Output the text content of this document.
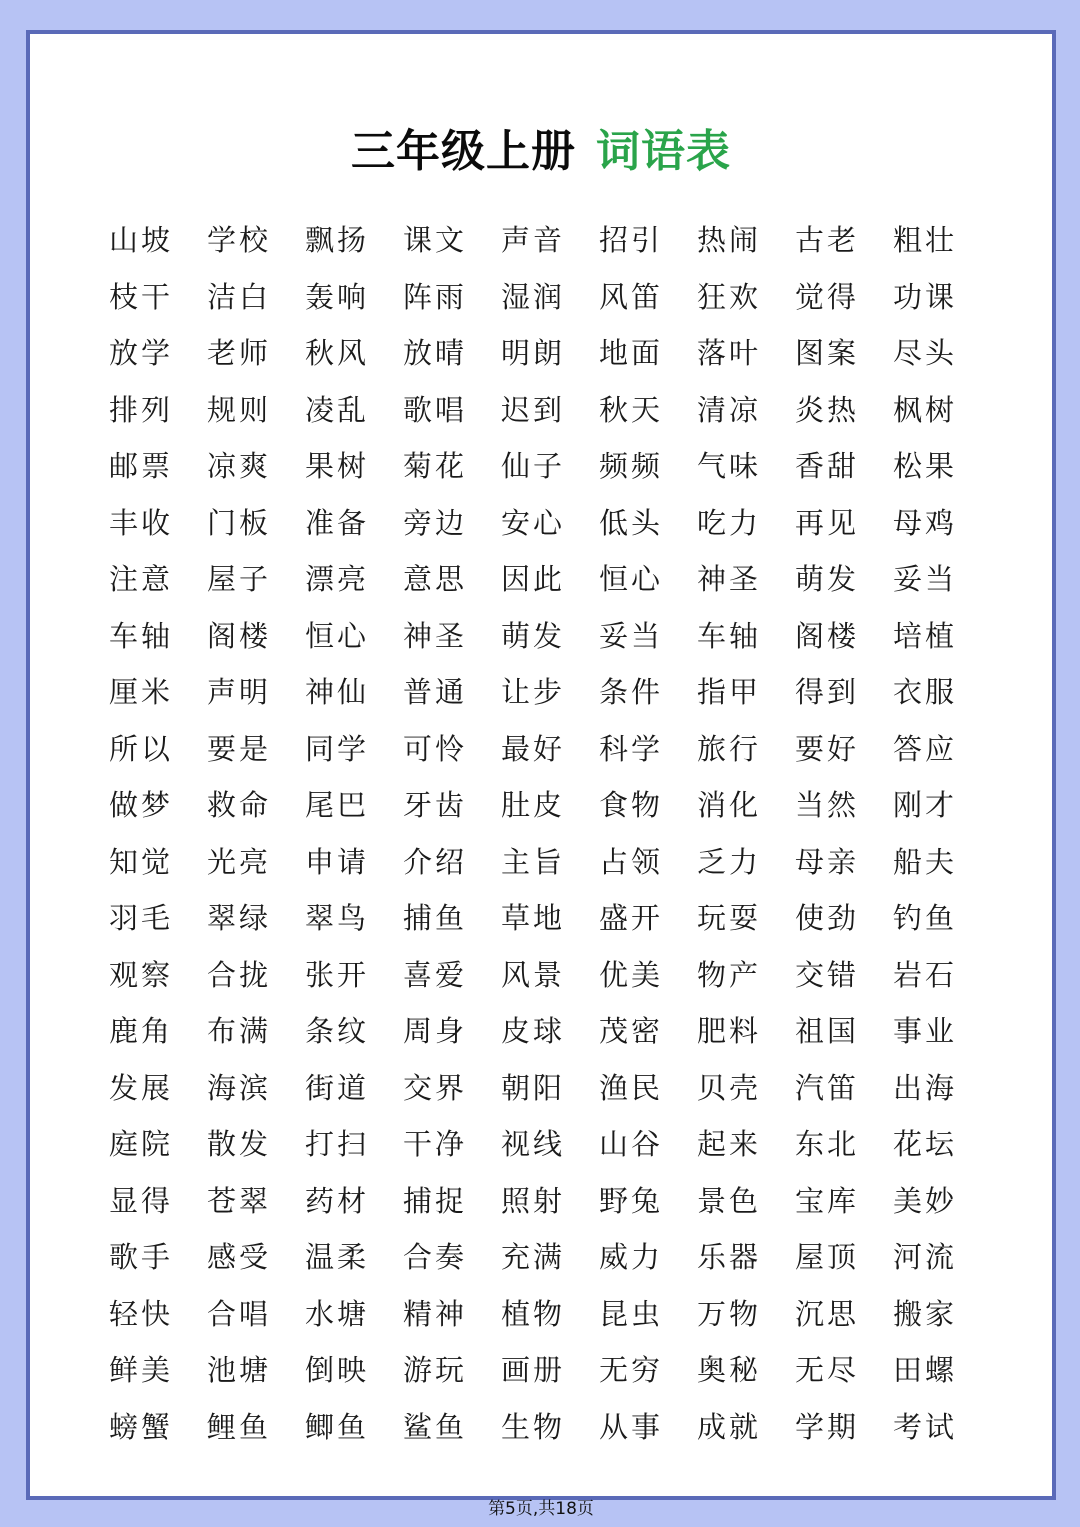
三年级上册 词语表
山坡	学校	飘扬	课文	声音	招引	热闹	古老	粗壮
枝干	洁白	轰响	阵雨	湿润	风笛	狂欢	觉得	功课
放学	老师	秋风	放晴	明朗	地面	落叶	图案	尽头
排列	规则	凌乱	歌唱	迟到	秋天	清凉	炎热	枫树
邮票	凉爽	果树	菊花	仙子	频频	气味	香甜	松果
丰收	门板	准备	旁边	安心	低头	吃力	再见	母鸡
注意	屋子	漂亮	意思	因此	恒心	神圣	萌发	妥当
车轴	阁楼	恒心	神圣	萌发	妥当	车轴	阁楼	培植
厘米	声明	神仙	普通	让步	条件	指甲	得到	衣服
所以	要是	同学	可怜	最好	科学	旅行	要好	答应
做梦	救命	尾巴	牙齿	肚皮	食物	消化	当然	刚才
知觉	光亮	申请	介绍	主旨	占领	乏力	母亲	船夫
羽毛	翠绿	翠鸟	捕鱼	草地	盛开	玩耍	使劲	钓鱼
观察	合拢	张开	喜爱	风景	优美	物产	交错	岩石
鹿角	布满	条纹	周身	皮球	茂密	肥料	祖国	事业
发展	海滨	街道	交界	朝阳	渔民	贝壳	汽笛	出海
庭院	散发	打扫	干净	视线	山谷	起来	东北	花坛
显得	苍翠	药材	捕捉	照射	野兔	景色	宝库	美妙
歌手	感受	温柔	合奏	充满	威力	乐器	屋顶	河流
轻快	合唱	水塘	精神	植物	昆虫	万物	沉思	搬家
鲜美	池塘	倒映	游玩	画册	无穷	奥秘	无尽	田螺
螃蟹	鲤鱼	鲫鱼	鲨鱼	生物	从事	成就	学期	考试
第5页,共18页
